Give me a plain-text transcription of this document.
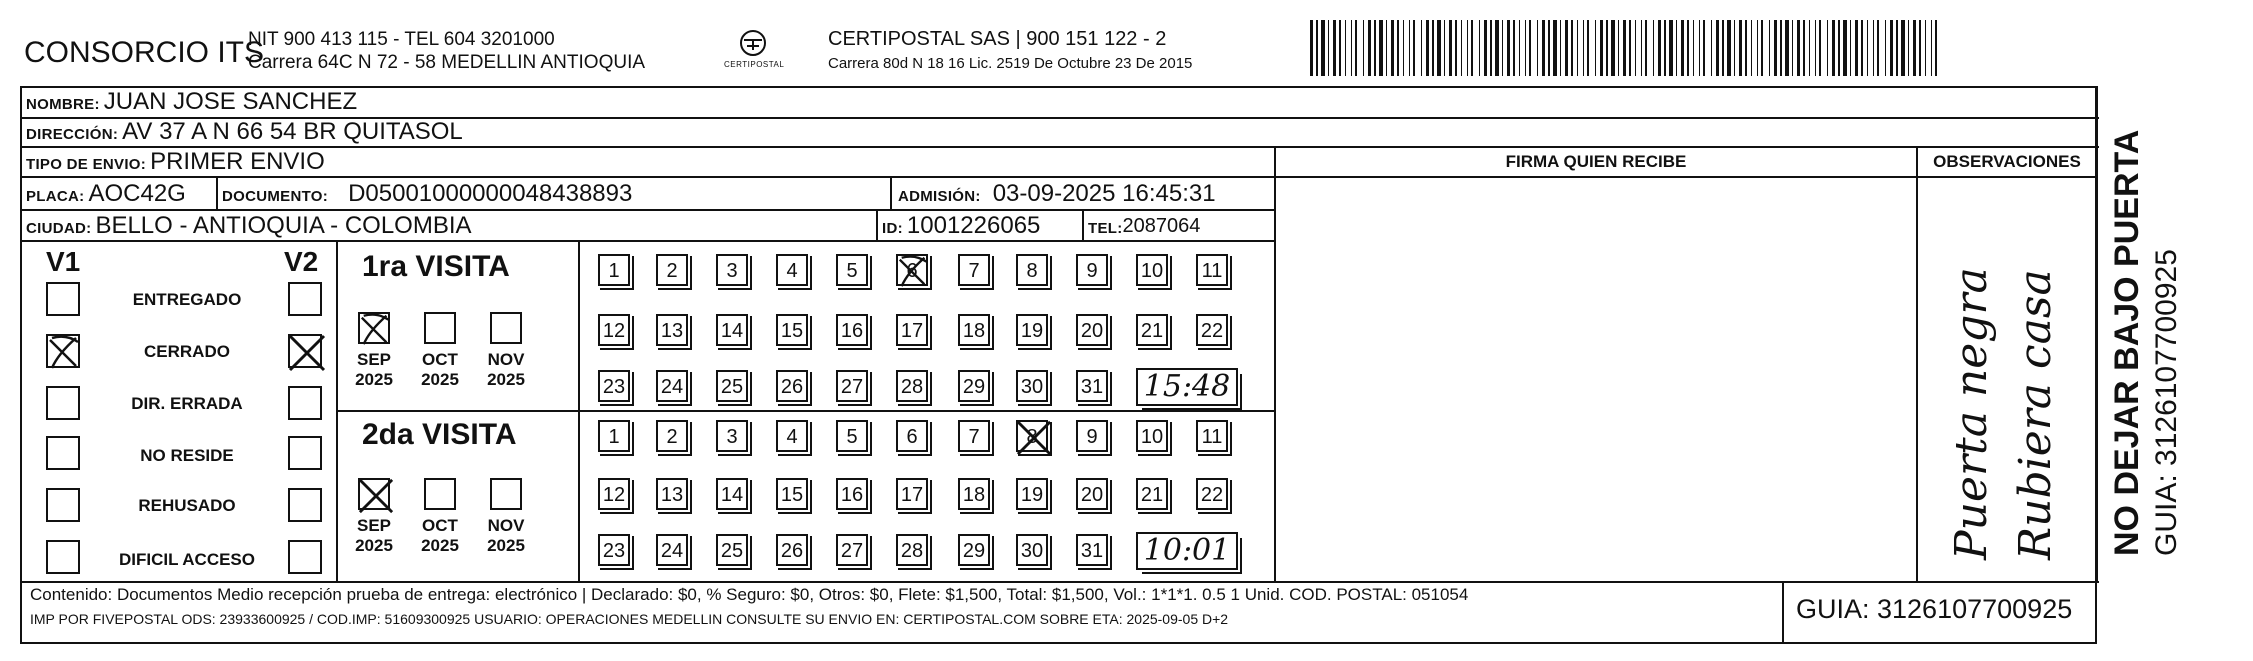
CONSORCIO ITS
NIT 900 413 115 - TEL 604 3201000
Carrera 64C N 72 - 58 MEDELLIN ANTIOQUIA	CERTIPOSTAL
CERTIPOSTAL SAS | 900 151 122 - 2
Carrera 80d N 18 16 Lic. 2519 De Octubre 23 De 2015
NOMBRE: JUAN JOSE SANCHEZ
DIRECCIÓN: AV 37 A N 66 54 BR QUITASOL
TIPO DE ENVIO: PRIMER ENVIO
PLACA: AOC42G DOCUMENTO: D05001000000048438893	ADMISIÓN: 03-09-2025 16:45:31
CIUDAD: BELLO - ANTIOQUIA - COLOMBIA	ID: 1001226065	TEL: 2087064
FIRMA QUIEN RECIBE	OBSERVACIONES
Puerta negra Rubiera casa
V1	V2
ENTREGADO
CERRADO
DIR. ERRADA
NO RESIDE
REHUSADO
DIFICIL ACCESO
1ra VISITA
SEP
2025
OCT
2025
NOV
2025
1	2	3	4	5	6	7	8	9	10 11
12 13 14 15 16 17 18 19 20 21 22
23 24 25 26 27 28 29 30 31 15:48
2da VISITA
SEP
2025
OCT
2025
NOV
2025
1	2	3	4	5	6	7	8	9	10 11
12 13 14 15 16 17 18 19 20 21 22
23 24 25 26 27 28 29 30 31 10:01
Contenido: Documentos Medio recepción prueba de entrega: electrónico | Declarado: $0, % Seguro: $0, Otros: $0, Flete: $1,500, Total: $1,500, Vol.: 1*1*1. 0.5 1 Unid. COD. POSTAL: 051054
IMP POR FIVEPOSTAL ODS: 23933600925 / COD.IMP: 51609300925 USUARIO: OPERACIONES MEDELLIN CONSULTE SU ENVIO EN: CERTIPOSTAL.COM SOBRE ETA: 2025-09-05 D+2	GUIA: 3126107700925
NO DEJAR BAJO PUERTA GUIA: 3126107700925
